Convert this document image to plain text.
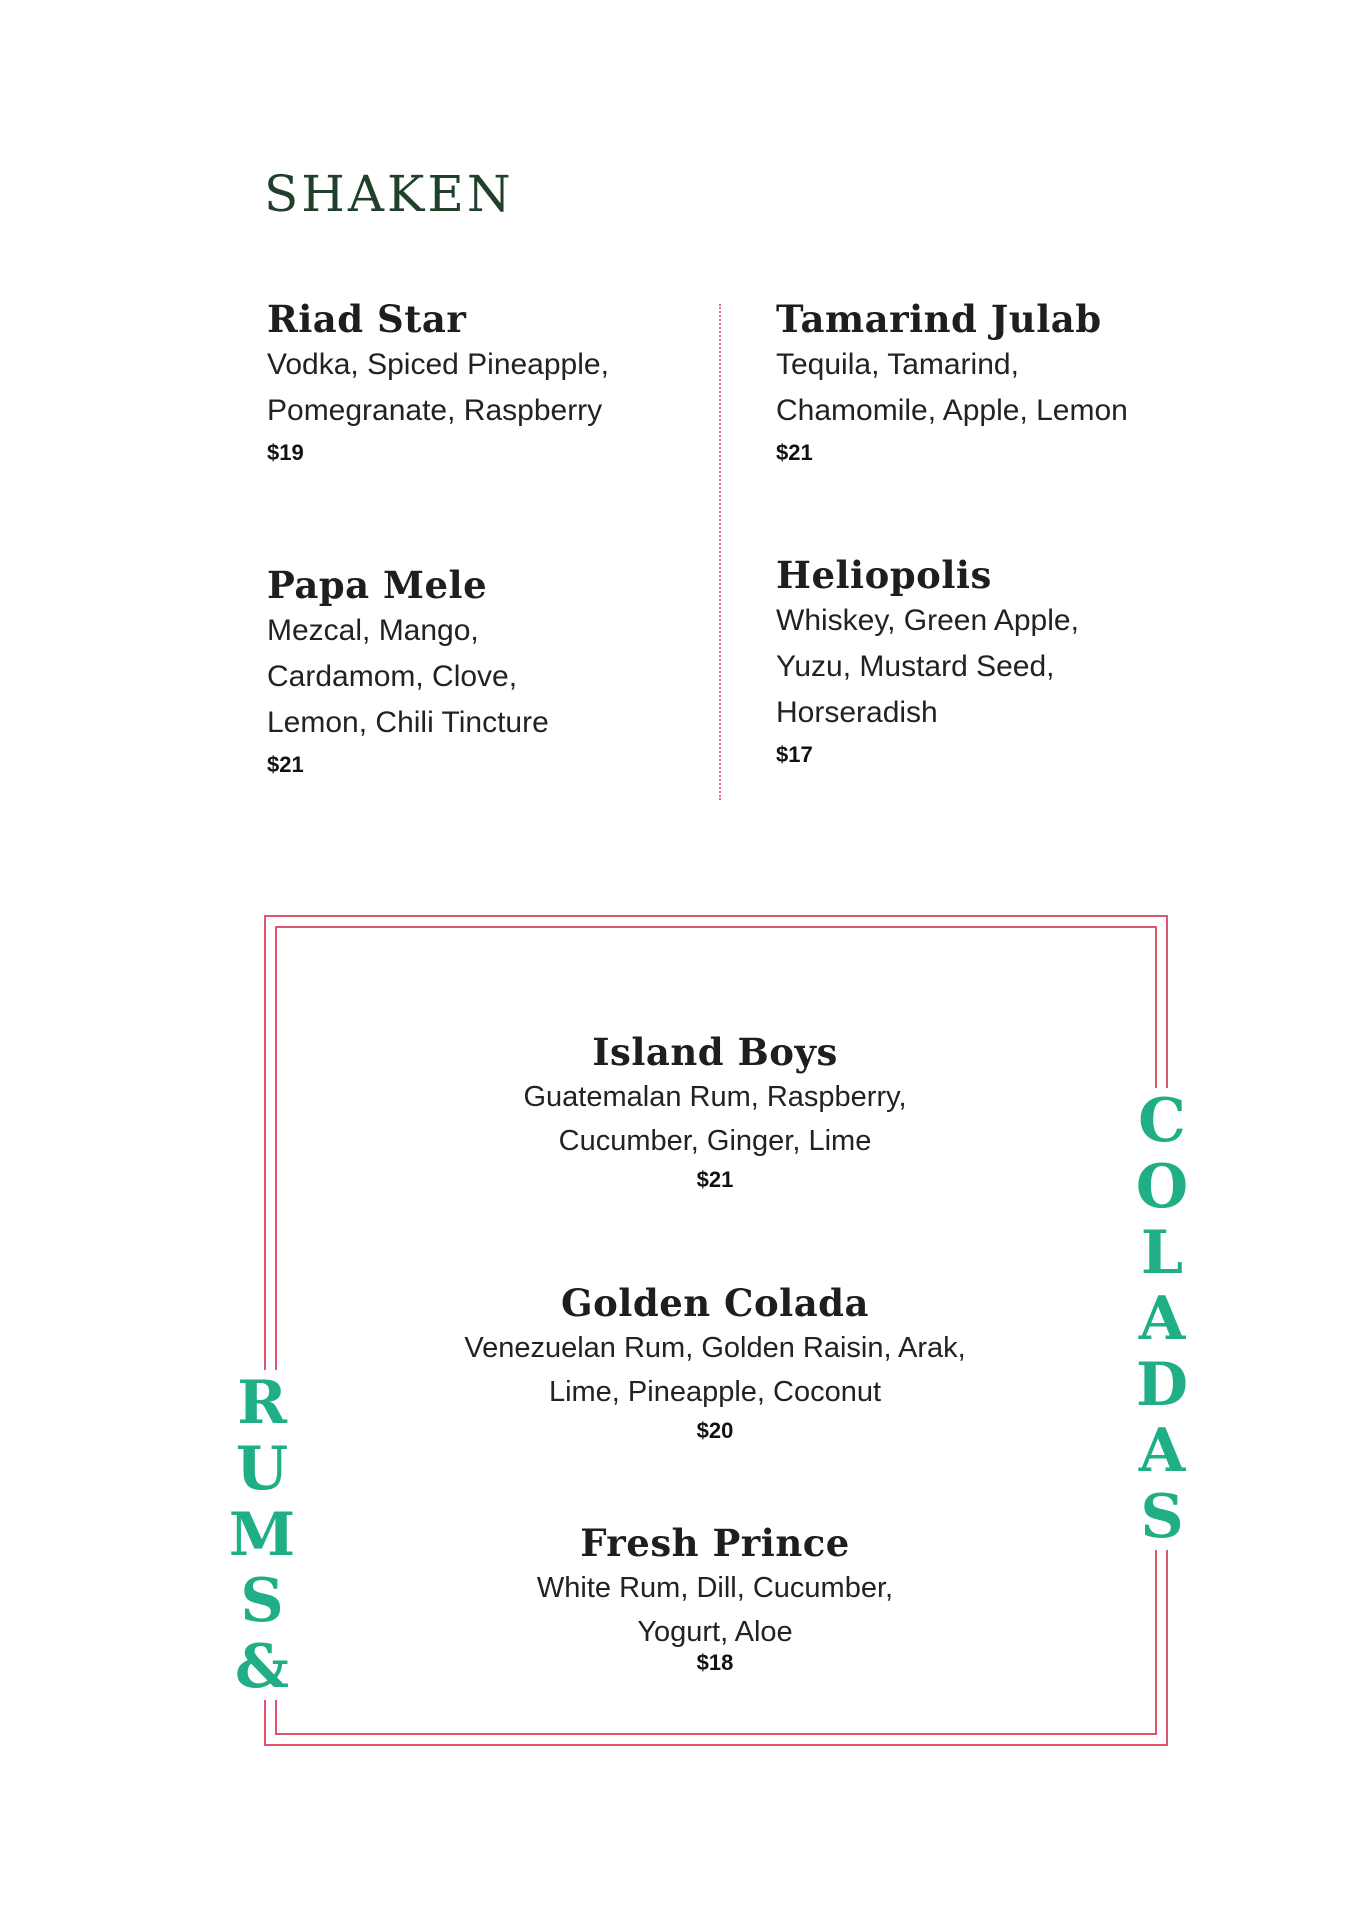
SHAKEN
Riad Star
Vodka, Spiced Pineapple,
Pomegranate, Raspberry
$19
Tamarind Julab
Tequila, Tamarind,
Chamomile, Apple, Lemon
$21
Papa Mele
Mezcal, Mango,
Cardamom, Clove,
Lemon, Chili Tincture
$21
Heliopolis
Whiskey, Green Apple,
Yuzu, Mustard Seed,
Horseradish
$17
Island Boys
Guatemalan Rum, Raspberry,
Cucumber, Ginger, Lime
$21
Golden Colada
Venezuelan Rum, Golden Raisin, Arak,
Lime, Pineapple, Coconut
$20
Fresh Prince
White Rum, Dill, Cucumber,
Yogurt, Aloe
$18
R
U
M
S
&
C
O
L
A
D
A
S
